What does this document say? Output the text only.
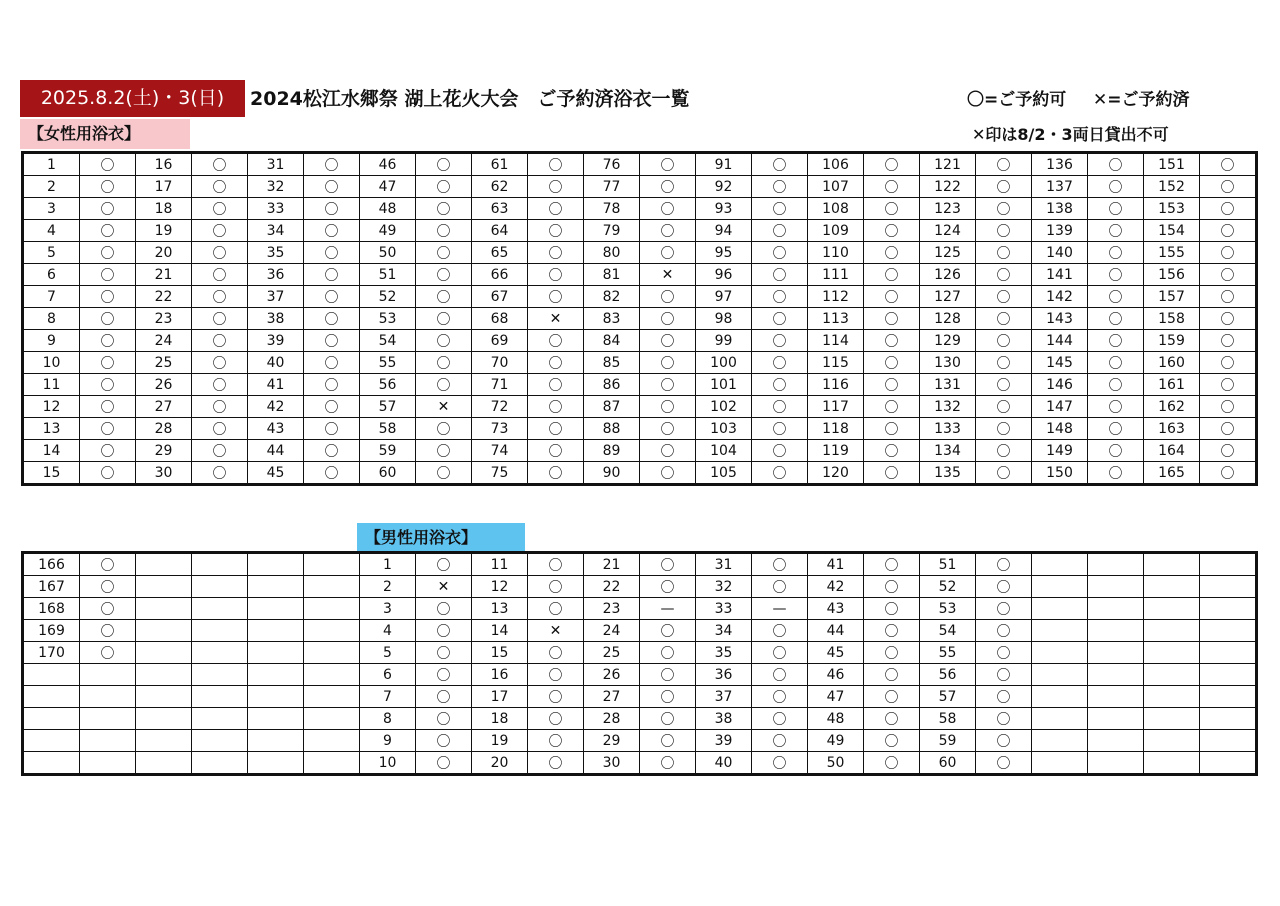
2025.8.2(土)・3(日)	2024松江水郷祭 湖上花火大会　ご予約済浴衣一覧	〇=ご予約可 ✕=ご予約済
✕印は8/2・3両日貸出不可
【女性用浴衣】
1	〇	16	〇	31	〇	46	〇	61	〇	76	〇	91	〇	106	〇	121	〇	136	〇	151	〇
2	〇	17	〇	32	〇	47	〇	62	〇	77	〇	92	〇	107	〇	122	〇	137	〇	152	〇
3	〇	18	〇	33	〇	48	〇	63	〇	78	〇	93	〇	108	〇	123	〇	138	〇	153	〇
4	〇	19	〇	34	〇	49	〇	64	〇	79	〇	94	〇	109	〇	124	〇	139	〇	154	〇
5	〇	20	〇	35	〇	50	〇	65	〇	80	〇	95	〇	110	〇	125	〇	140	〇	155	〇
6	〇	21	〇	36	〇	51	〇	66	〇	81	✕	96	〇	111	〇	126	〇	141	〇	156	〇
7	〇	22	〇	37	〇	52	〇	67	〇	82	〇	97	〇	112	〇	127	〇	142	〇	157	〇
8	〇	23	〇	38	〇	53	〇	68	✕	83	〇	98	〇	113	〇	128	〇	143	〇	158	〇
9	〇	24	〇	39	〇	54	〇	69	〇	84	〇	99	〇	114	〇	129	〇	144	〇	159	〇
10	〇	25	〇	40	〇	55	〇	70	〇	85	〇	100	〇	115	〇	130	〇	145	〇	160	〇
11	〇	26	〇	41	〇	56	〇	71	〇	86	〇	101	〇	116	〇	131	〇	146	〇	161	〇
12	〇	27	〇	42	〇	57	✕	72	〇	87	〇	102	〇	117	〇	132	〇	147	〇	162	〇
13	〇	28	〇	43	〇	58	〇	73	〇	88	〇	103	〇	118	〇	133	〇	148	〇	163	〇
14	〇	29	〇	44	〇	59	〇	74	〇	89	〇	104	〇	119	〇	134	〇	149	〇	164	〇
15	〇	30	〇	45	〇	60	〇	75	〇	90	〇	105	〇	120	〇	135	〇	150	〇	165	〇
【男性用浴衣】
166	〇					1	〇	11	〇	21	〇	31	〇	41	〇	51	〇				
167	〇					2	✕	12	〇	22	〇	32	〇	42	〇	52	〇				
168	〇					3	〇	13	〇	23	—	33	—	43	〇	53	〇				
169	〇					4	〇	14	✕	24	〇	34	〇	44	〇	54	〇				
170	〇					5	〇	15	〇	25	〇	35	〇	45	〇	55	〇				
						6	〇	16	〇	26	〇	36	〇	46	〇	56	〇				
						7	〇	17	〇	27	〇	37	〇	47	〇	57	〇				
						8	〇	18	〇	28	〇	38	〇	48	〇	58	〇				
						9	〇	19	〇	29	〇	39	〇	49	〇	59	〇				
						10	〇	20	〇	30	〇	40	〇	50	〇	60	〇				
